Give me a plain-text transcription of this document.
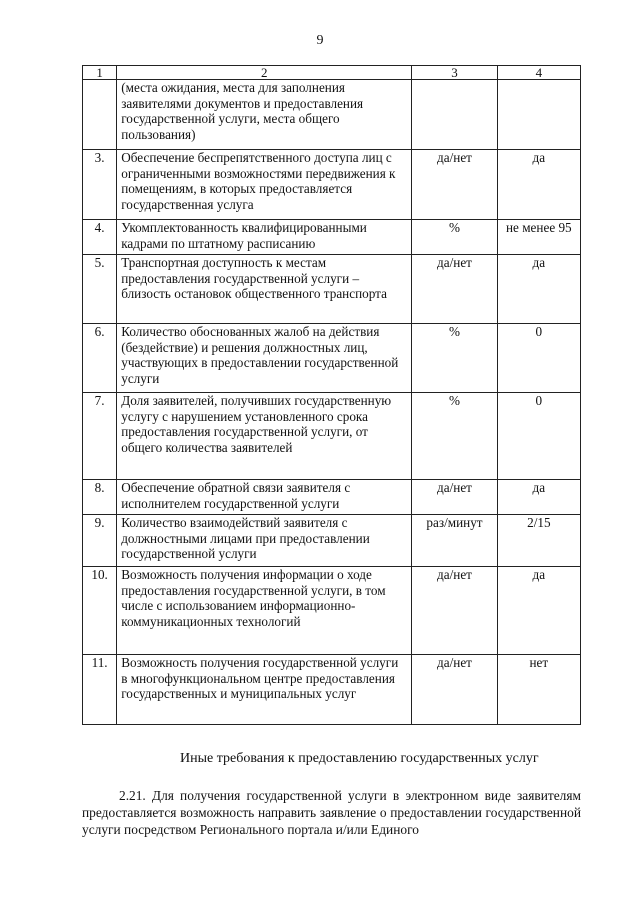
9
1	2	3	4
	(места ожидания, места для заполнения заявителями документов и предоставления государственной услуги, места общего пользования)		
3.	Обеспечение беспрепятственного доступа лиц с ограниченными возможностями передвижения к помещениям, в которых предоставляется государственная услуга	да/нет	да
4.	Укомплектованность квалифицированными кадрами по штатному расписанию	%	не менее 95
5.	Транспортная доступность к местам предоставления государственной услуги – близость остановок общественного транспорта	да/нет	да
6.	Количество обоснованных жалоб на действия (бездействие) и решения должностных лиц, участвующих в предоставлении государственной услуги	%	0
7.	Доля заявителей, получивших государственную услугу с нарушением установленного срока предоставления государственной услуги, от общего количества заявителей	%	0
8.	Обеспечение обратной связи заявителя с исполнителем государственной услуги	да/нет	да
9.	Количество взаимодействий заявителя с должностными лицами при предоставлении государственной услуги	раз/минут	2/15
10.	Возможность получения информации о ходе предоставления государственной услуги, в том числе с использованием информационно-коммуникационных технологий	да/нет	да
11.	Возможность получения государственной услуги в многофункциональном центре предоставления государственных и муниципальных услуг	да/нет	нет
Иные требования к предоставлению государственных услуг
2.21. Для получения государственной услуги в электронном виде заявителям предоставляется возможность направить заявление о предоставлении государственной услуги посредством Регионального портала и/или Единого
